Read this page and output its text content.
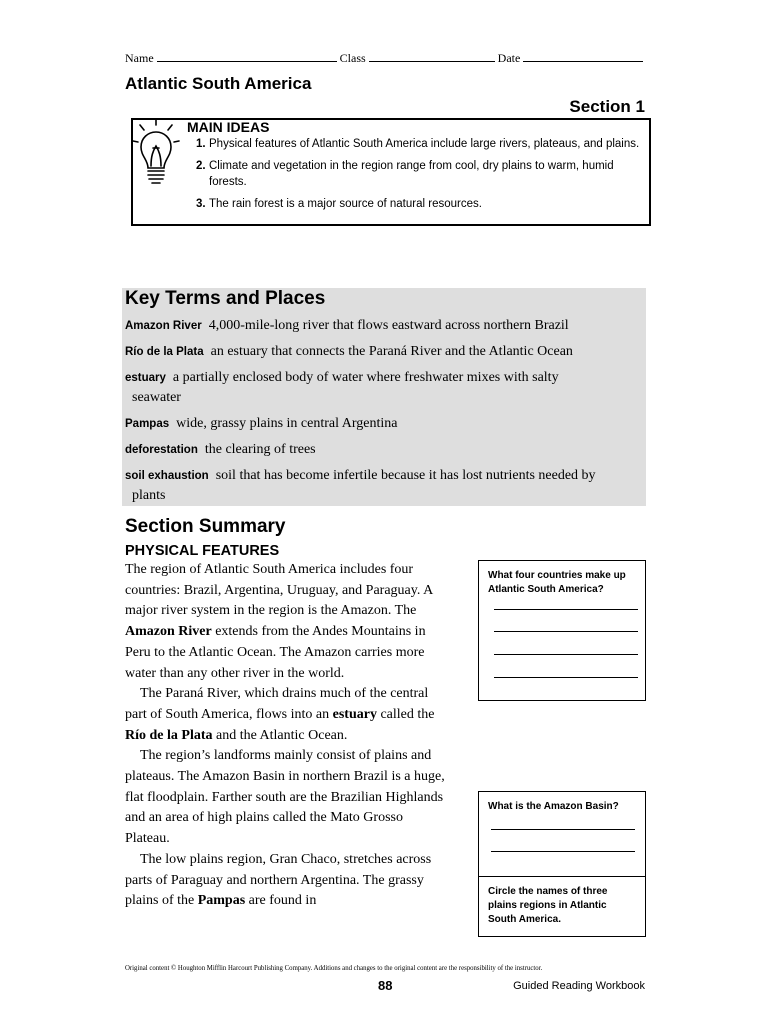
Name	Class	Date
Atlantic South America
Section 1
MAIN IDEAS
1. Physical features of Atlantic South America include large rivers, plateaus, and plains.
2. Climate and vegetation in the region range from cool, dry plains to warm, humid forests.
3. The rain forest is a major source of natural resources.
Key Terms and Places
Amazon River 4,000-mile-long river that flows eastward across northern Brazil
Río de la Plata an estuary that connects the Paraná River and the Atlantic Ocean
estuary a partially enclosed body of water where freshwater mixes with salty
seawater
Pampas wide, grassy plains in central Argentina
deforestation the clearing of trees
soil exhaustion soil that has become infertile because it has lost nutrients needed by
plants
Section Summary
PHYSICAL FEATURES

The region of Atlantic South America includes four countries: Brazil, Argentina, Uruguay, and Paraguay. A major river system in the region is the Amazon. The Amazon River extends from the Andes Mountains in Peru to the Atlantic Ocean. The Amazon carries more water than any other river in the world.

The Paraná River, which drains much of the central part of South America, flows into an estuary called the Río de la Plata and the Atlantic Ocean.

The region’s landforms mainly consist of plains and plateaus. The Amazon Basin in northern Brazil is a huge, flat floodplain. Farther south are the Brazilian Highlands and an area of high plains called the Mato Grosso Plateau.

The low plains region, Gran Chaco, stretches across parts of Paraguay and northern Argentina. The grassy plains of the Pampas are found in

What four countries make up Atlantic South America?
What is the Amazon Basin?
Circle the names of three plains regions in Atlantic South America.
Original content © Houghton Mifflin Harcourt Publishing Company. Additions and changes to the original content are the responsibility of the instructor.
88	Guided Reading Workbook
